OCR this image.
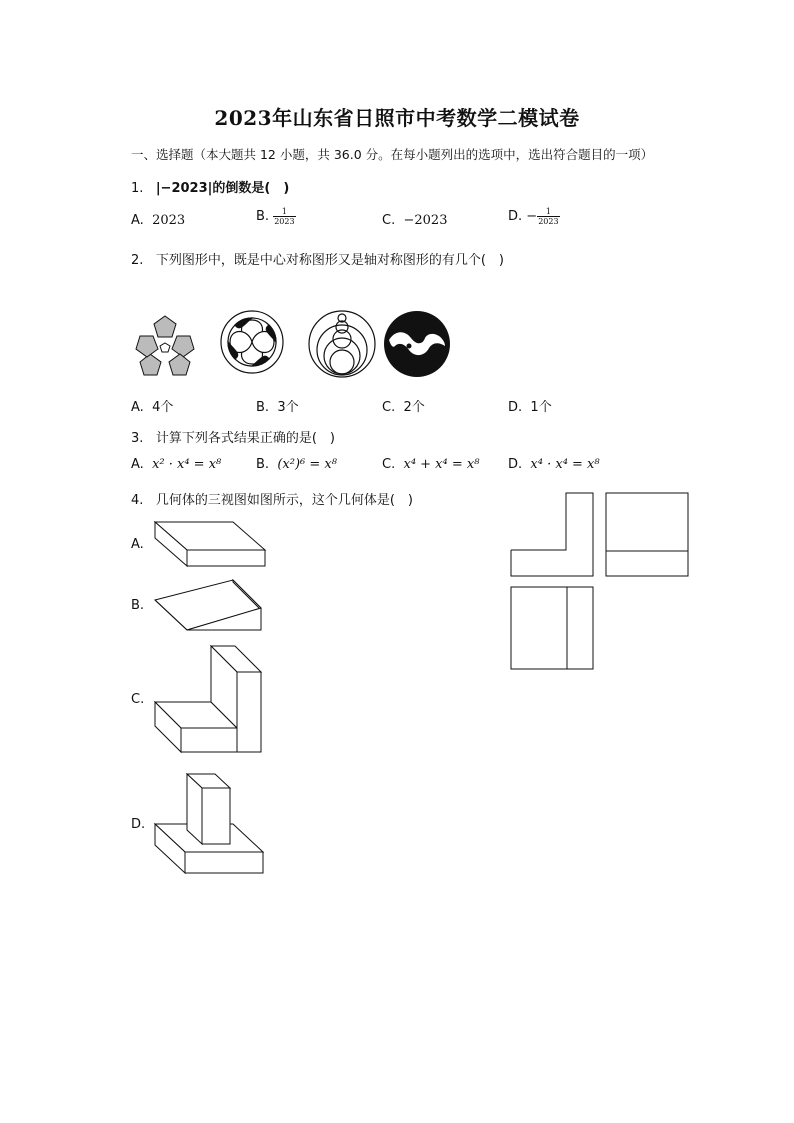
2023年山东省日照市中考数学二模试卷
一、选择题（本大题共 12 小题，共 36.0 分。在每小题列出的选项中，选出符合题目的一项）
1. |−2023|的倒数是(　)
A. 2023	B. $\frac{1}{2023}$	C. −2023	D. − $\frac{1}{2023}$
2. 下列图形中，既是中心对称图形又是轴对称图形的有几个(　)
A. 4个	B. 3个	C. 2个	D. 1个
3. 计算下列各式结果正确的是(　)
A. x² · x⁴ = x⁸	B. (x²)⁶ = x⁸	C. x⁴ + x⁴ = x⁸ D. x⁴ · x⁴ = x⁸
4. 几何体的三视图如图所示，这个几何体是(　)
A.
B.
C.
D.
